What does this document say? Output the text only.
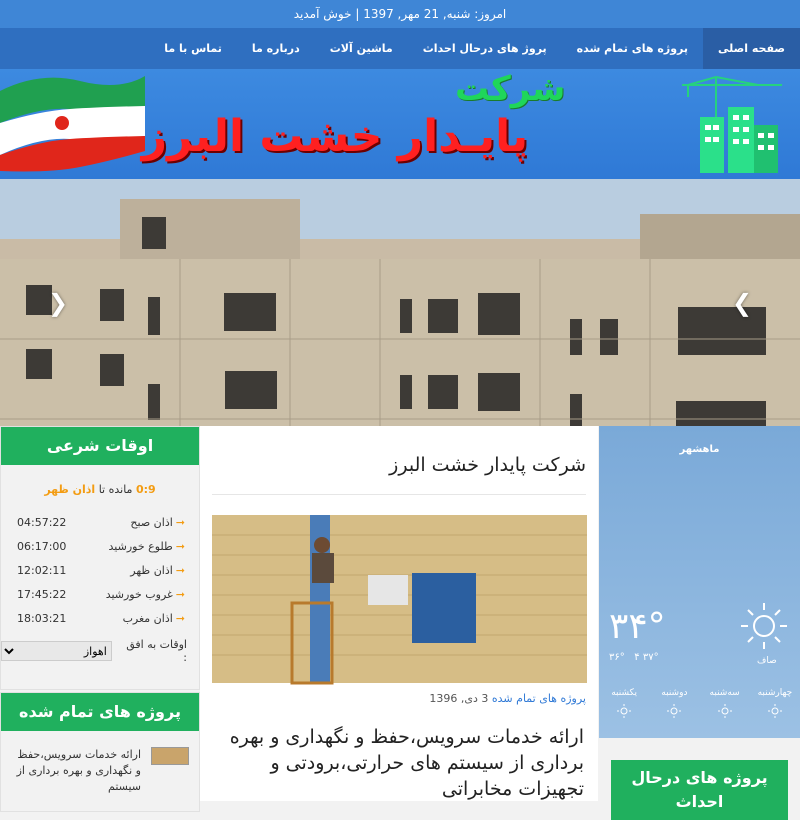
امروز: شنبه, 21 مهر, 1397 | خوش آمدید
صفحه اصلی
پروژه های تمام شده
پروژ های درحال احداث
ماشین آلات
درباره ما
تماس با ما
شرکت
پایـدار خشت البرز
❮	❯
اوقات شرعی
0:9 مانده تا اذان ظهر
➞اذان صبح
04:57:22
➞طلوع خورشید
06:17:00
➞اذان ظهر
12:02:11
➞غروب خورشید
17:45:22
➞اذان مغرب
18:03:21
اوقات به افق :
اهواز
پروژه های تمام شده
ارائه خدمات سرویس،حفظ و نگهداری و بهره برداری از سیستم
شرکت پایدار خشت البرز
پروژه های تمام شده 3 دی, 1396
ارائه خدمات سرویس،حفظ و نگهداری و بهره برداری از سیستم های حرارتی،برودتی و تجهیزات مخابراتی
ماهشهر
۳۴°
۳۶° ۴ ۳۷°	صاف
چهارشنبه
سه‌شنبه
دوشنبه
یکشنبه
پروژه های درحال احداث
